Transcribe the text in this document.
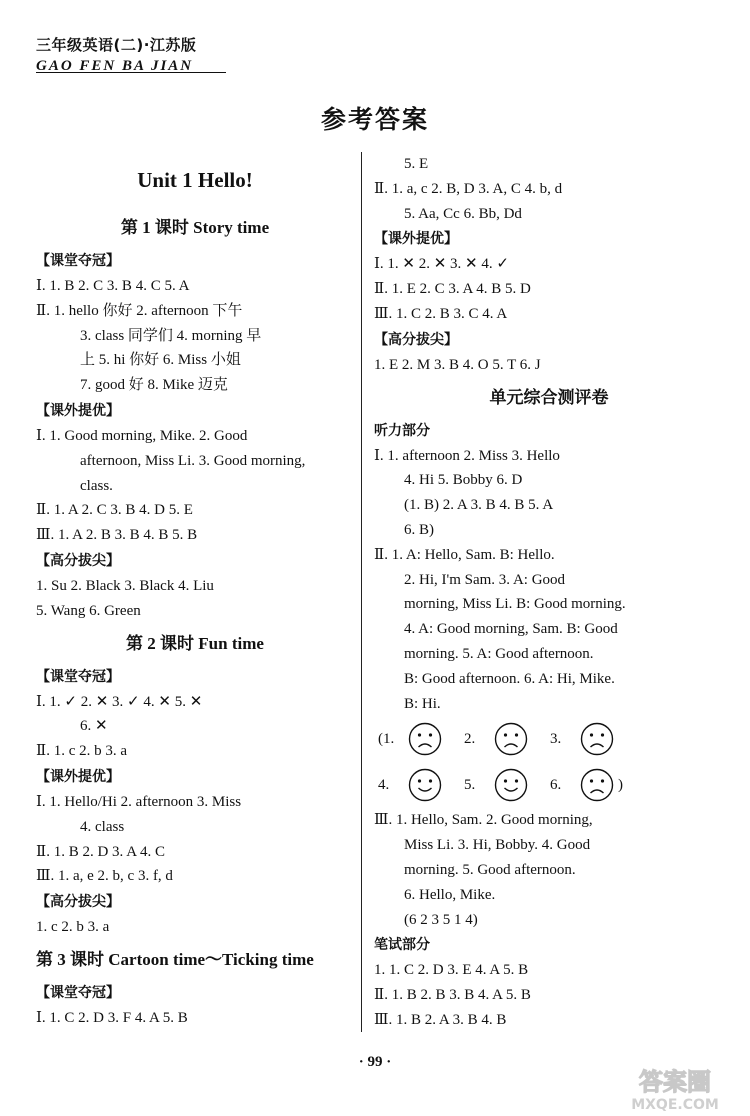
三年级英语(二)·江苏版
GAO FEN BA JIAN
参考答案
Unit 1 Hello!
第 1 课时 Story time
【课堂夺冠】
Ⅰ. 1. B 2. C 3. B 4. C 5. A
Ⅱ. 1. hello 你好 2. afternoon 下午
3. class 同学们 4. morning 早
上 5. hi 你好 6. Miss 小姐
7. good 好 8. Mike 迈克
【课外提优】
Ⅰ. 1. Good morning, Mike. 2. Good
afternoon, Miss Li. 3. Good morning,
class.
Ⅱ. 1. A 2. C 3. B 4. D 5. E
Ⅲ. 1. A 2. B 3. B 4. B 5. B
【高分拔尖】
1. Su 2. Black 3. Black 4. Liu
5. Wang 6. Green
第 2 课时 Fun time
【课堂夺冠】
Ⅰ. 1. ✓ 2. ✕ 3. ✓ 4. ✕ 5. ✕
6. ✕
Ⅱ. 1. c 2. b 3. a
【课外提优】
Ⅰ. 1. Hello/Hi 2. afternoon 3. Miss
4. class
Ⅱ. 1. B 2. D 3. A 4. C
Ⅲ. 1. a, e 2. b, c 3. f, d
【高分拔尖】
1. c 2. b 3. a
第 3 课时 Cartoon time～Ticking time
【课堂夺冠】
Ⅰ. 1. C 2. D 3. F 4. A 5. B
5. E
Ⅱ. 1. a, c 2. B, D 3. A, C 4. b, d
5. Aa, Cc 6. Bb, Dd
【课外提优】
Ⅰ. 1. ✕ 2. ✕ 3. ✕ 4. ✓
Ⅱ. 1. E 2. C 3. A 4. B 5. D
Ⅲ. 1. C 2. B 3. C 4. A
【高分拔尖】
1. E 2. M 3. B 4. O 5. T 6. J
单元综合测评卷
听力部分
Ⅰ. 1. afternoon 2. Miss 3. Hello
4. Hi 5. Bobby 6. D
(1. B) 2. A 3. B 4. B 5. A
6. B)
Ⅱ. 1. A: Hello, Sam. B: Hello.
2. Hi, I'm Sam. 3. A: Good
morning, Miss Li. B: Good morning.
4. A: Good morning, Sam. B: Good
morning. 5. A: Good afternoon.
B: Good afternoon. 6. A: Hi, Mike.
B: Hi.
(1.	2.	3.
4.	5.	6.	)
Ⅲ. 1. Hello, Sam. 2. Good morning,
Miss Li. 3. Hi, Bobby. 4. Good
morning. 5. Good afternoon.
6. Hello, Mike.
(6 2 3 5 1 4)
笔试部分
1. 1. C 2. D 3. E 4. A 5. B
Ⅱ. 1. B 2. B 3. B 4. A 5. B
Ⅲ. 1. B 2. A 3. B 4. B
· 99 ·
答案圈
MXQE.COM
